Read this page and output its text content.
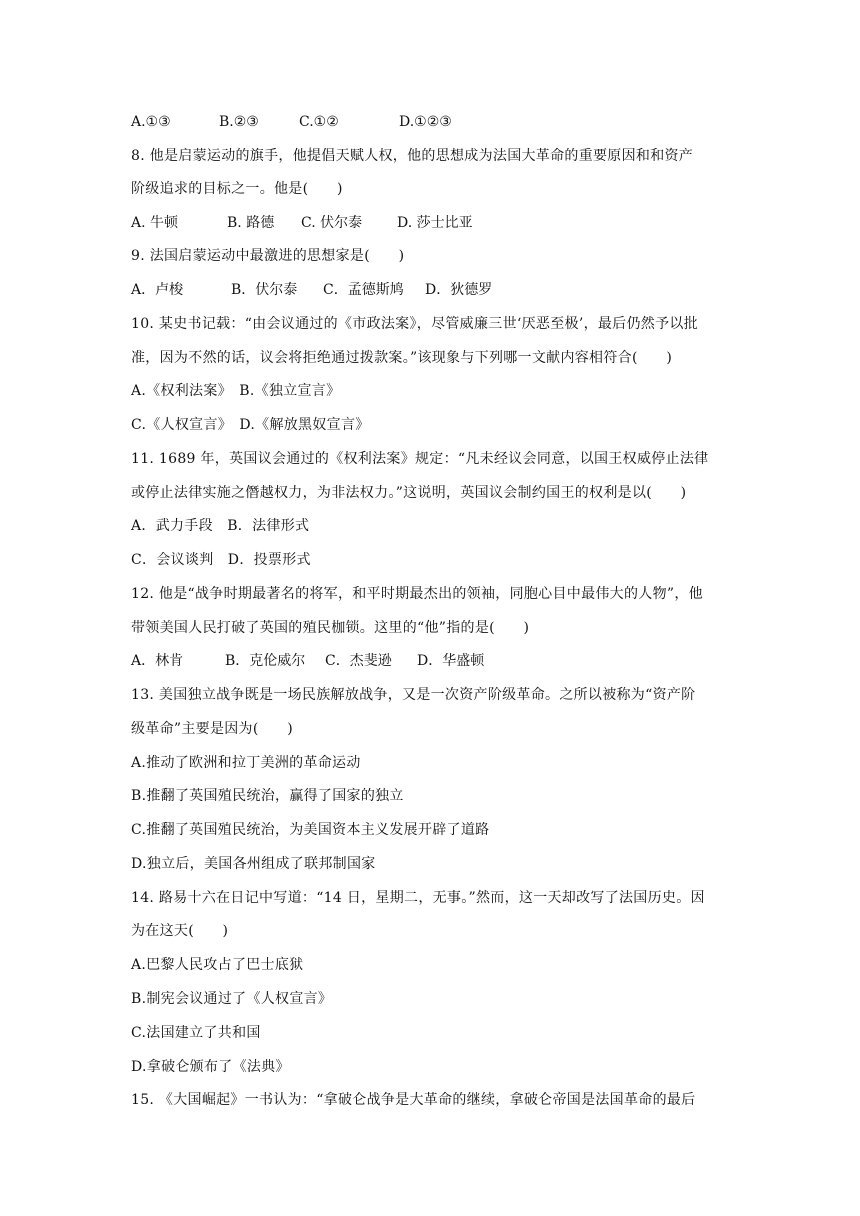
A.①③	B.②③	C.①②	D.①②③
8. 他是启蒙运动的旗手，他提倡天赋人权，他的思想成为法国大革命的重要原因和和资产
阶级追求的目标之一。他是(　　)
A. 牛顿	B. 路德 C. 伏尔泰 D. 莎士比亚
9. 法国启蒙运动中最激进的思想家是(　　)
A．卢梭	B．伏尔泰 C．孟德斯鸠 D．狄德罗
10. 某史书记载：“由会议通过的《市政法案》，尽管威廉三世‘厌恶至极’，最后仍然予以批
准，因为不然的话，议会将拒绝通过拨款案。”该现象与下列哪一文献内容相符合(　　)
A.《权利法案》　B.《独立宣言》
C.《人权宣言》　D.《解放黑奴宣言》
11. 1689 年，英国议会通过的《权利法案》规定：“凡未经议会同意，以国王权威停止法律
或停止法律实施之僭越权力，为非法权力。”这说明，英国议会制约国王的权利是以(　　)
A．武力手段　B．法律形式
C．会议谈判　D．投票形式
12. 他是“战争时期最著名的将军，和平时期最杰出的领袖，同胞心目中最伟大的人物”，他
带领美国人民打破了英国的殖民枷锁。这里的“他”指的是(　　)
A．林肯	B．克伦威尔 C．杰斐逊 D．华盛顿
13. 美国独立战争既是一场民族解放战争，又是一次资产阶级革命。之所以被称为“资产阶
级革命”主要是因为(　　)
A.推动了欧洲和拉丁美洲的革命运动
B.推翻了英国殖民统治，赢得了国家的独立
C.推翻了英国殖民统治，为美国资本主义发展开辟了道路
D.独立后，美国各州组成了联邦制国家
14. 路易十六在日记中写道：“14 日，星期二，无事。”然而，这一天却改写了法国历史。因
为在这天(　　)
A.巴黎人民攻占了巴士底狱
B.制宪会议通过了《人权宣言》
C.法国建立了共和国
D.拿破仑颁布了《法典》
15. 《大国崛起》一书认为：“拿破仑战争是大革命的继续，拿破仑帝国是法国革命的最后
